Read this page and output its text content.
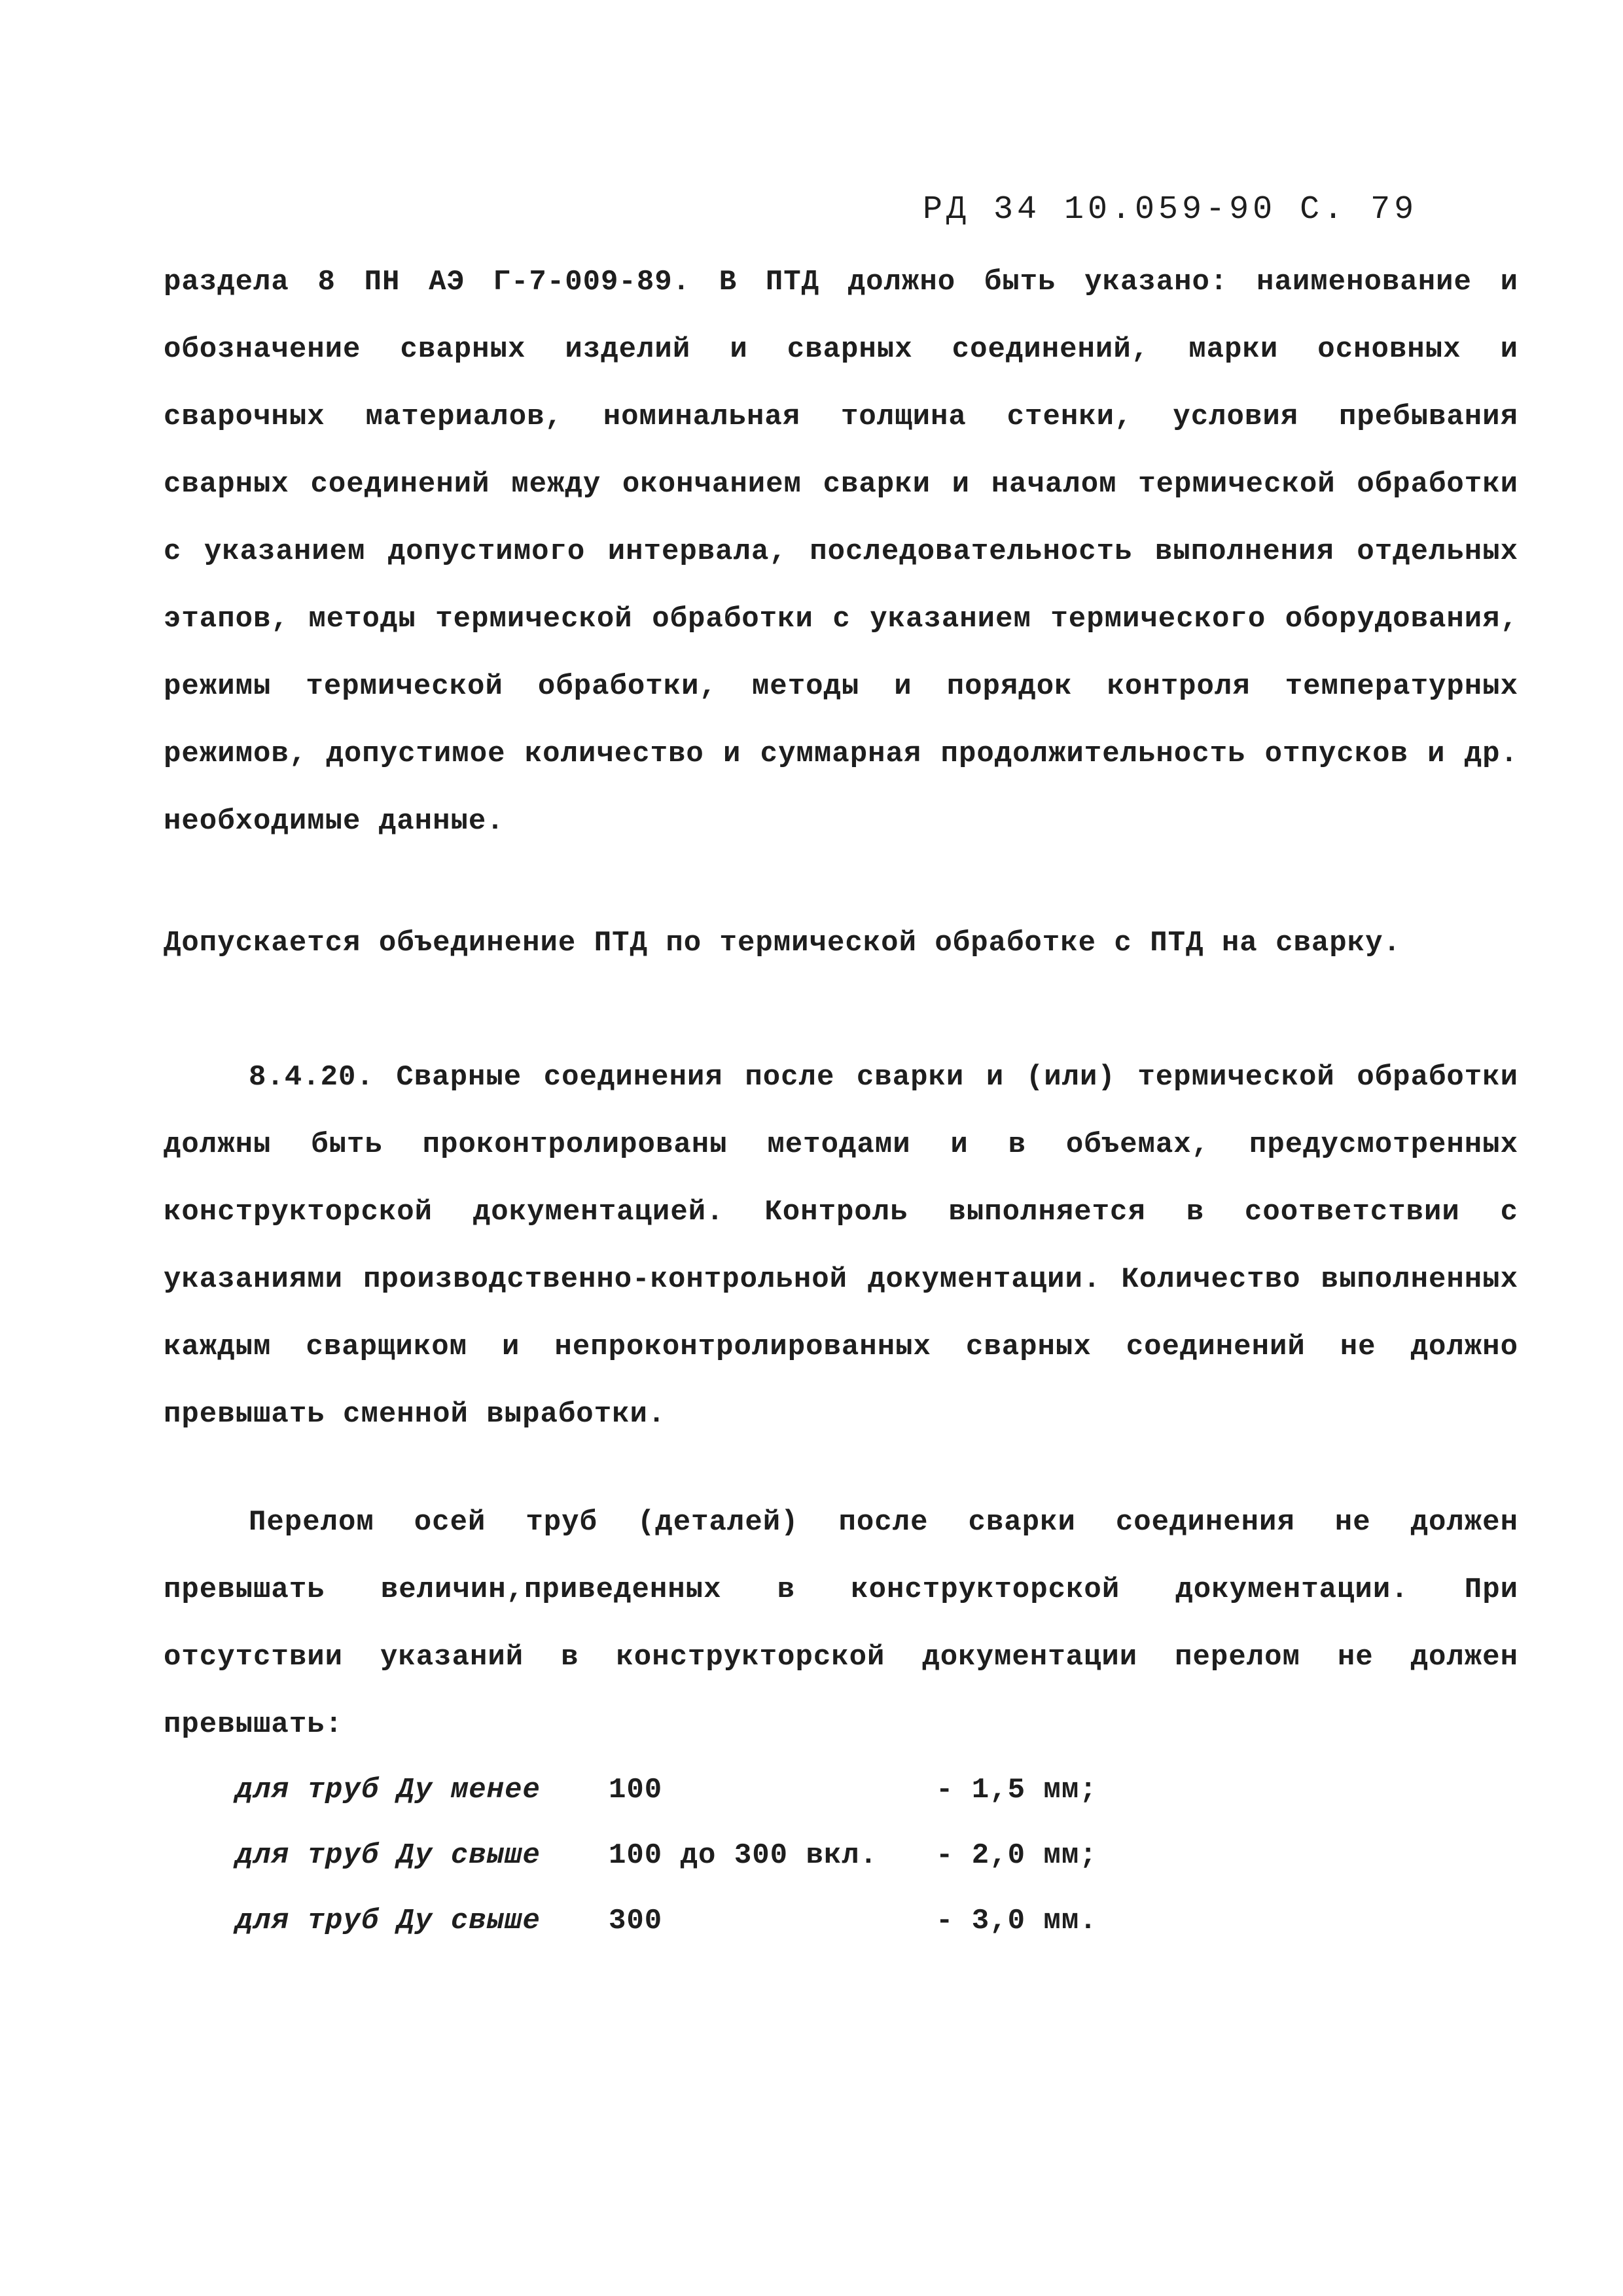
РД 34 10.059-90 С. 79
раздела 8 ПН АЭ Г-7-009-89. В ПТД должно быть указано: наименование и обозначение сварных изделий и сварных соединений, марки основных и сварочных материалов, номинальная толщина стенки, условия пребывания сварных соединений между окончанием сварки и началом термической обработки с указанием допустимого интервала, последовательность выполнения отдельных этапов, методы термической обработки с указанием термического оборудования, режимы термической обработки, методы и порядок контроля температурных режимов, допустимое количество и суммарная продолжительность отпусков и др. необходимые данные.
Допускается объединение ПТД по термической обработке с ПТД на сварку.
8.4.20. Сварные соединения после сварки и (или) термической обработки должны быть проконтролированы методами и в объемах, предусмотренных конструкторской документацией. Контроль выполняется в соответствии с указаниями производственно-контрольной документации. Количество выполненных каждым сварщиком и непроконтролированных сварных соединений не должно превышать сменной выработки.
Перелом осей труб (деталей) после сварки соединения не должен превышать величин,приведенных в конструкторской документации. При отсутствии указаний в конструкторской документации перелом не должен превышать:
для труб Ду менее 100	- 1,5 мм;
для труб Ду свыше 100 до 300 вкл. - 2,0 мм;
для труб Ду свыше 300	- 3,0 мм.
